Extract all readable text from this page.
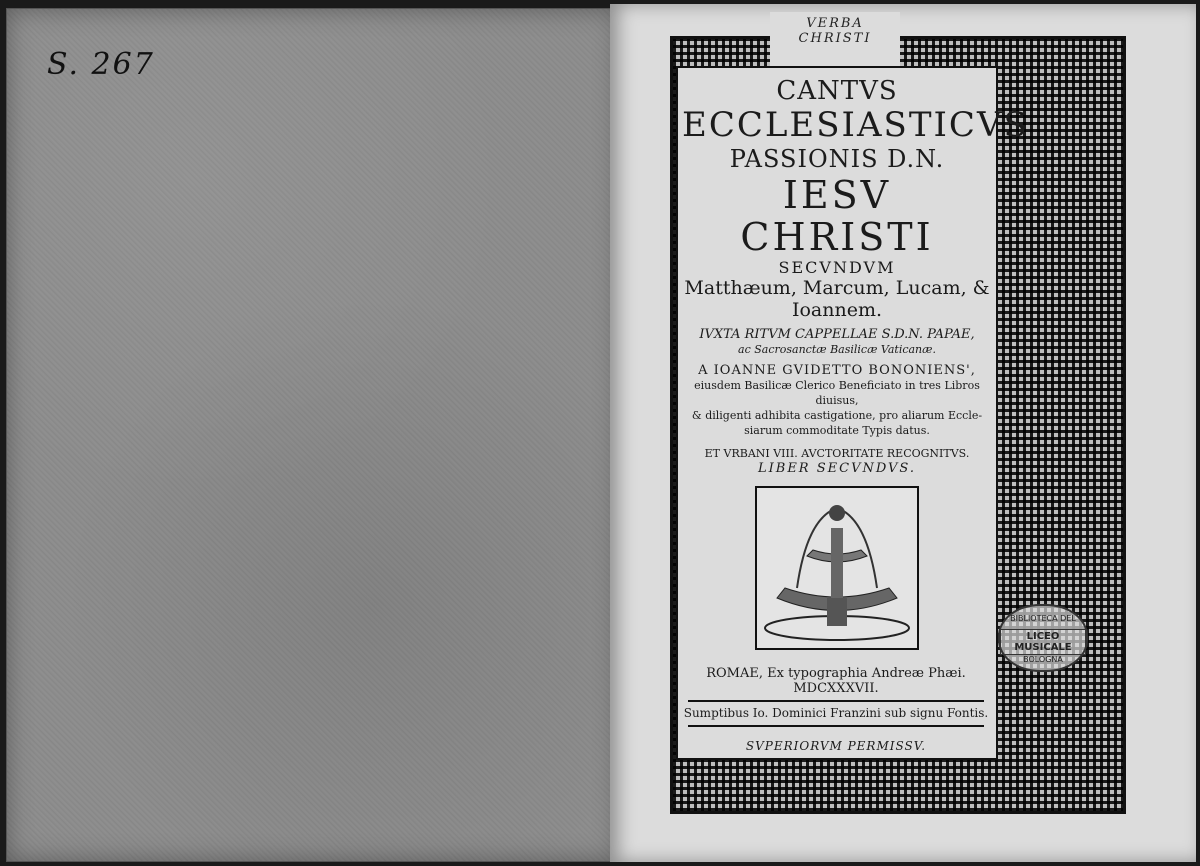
S. 267
VERBA CHRISTI
CANTVS
ECCLESIASTICVS
PASSIONIS D.N.
IESV CHRISTI
SECVNDVM
Matthæum, Marcum, Lucam, & Ioannem.
IVXTA RITVM CAPPELLAE S.D.N. PAPAE,
ac Sacrosanctæ Basilicæ Vaticanæ.
A IOANNE GVIDETTO BONONIENS',
eiusdem Basilicæ Clerico Beneficiato in tres Libros diuisus,
& diligenti adhibita castigatione, pro aliarum Eccle-
siarum commoditate Typis datus.
ET VRBANI VIII. AVCTORITATE RECOGNITVS.
LIBER SECVNDVS.
ROMAE, Ex typographia Andreæ Phæi. MDCXXXVII.
Sumptibus Io. Dominici Franzini sub signu Fontis.
SVPERIORVM PERMISSV.
BIBLIOTECA DEL
LICEO MUSICALE
BOLOGNA
